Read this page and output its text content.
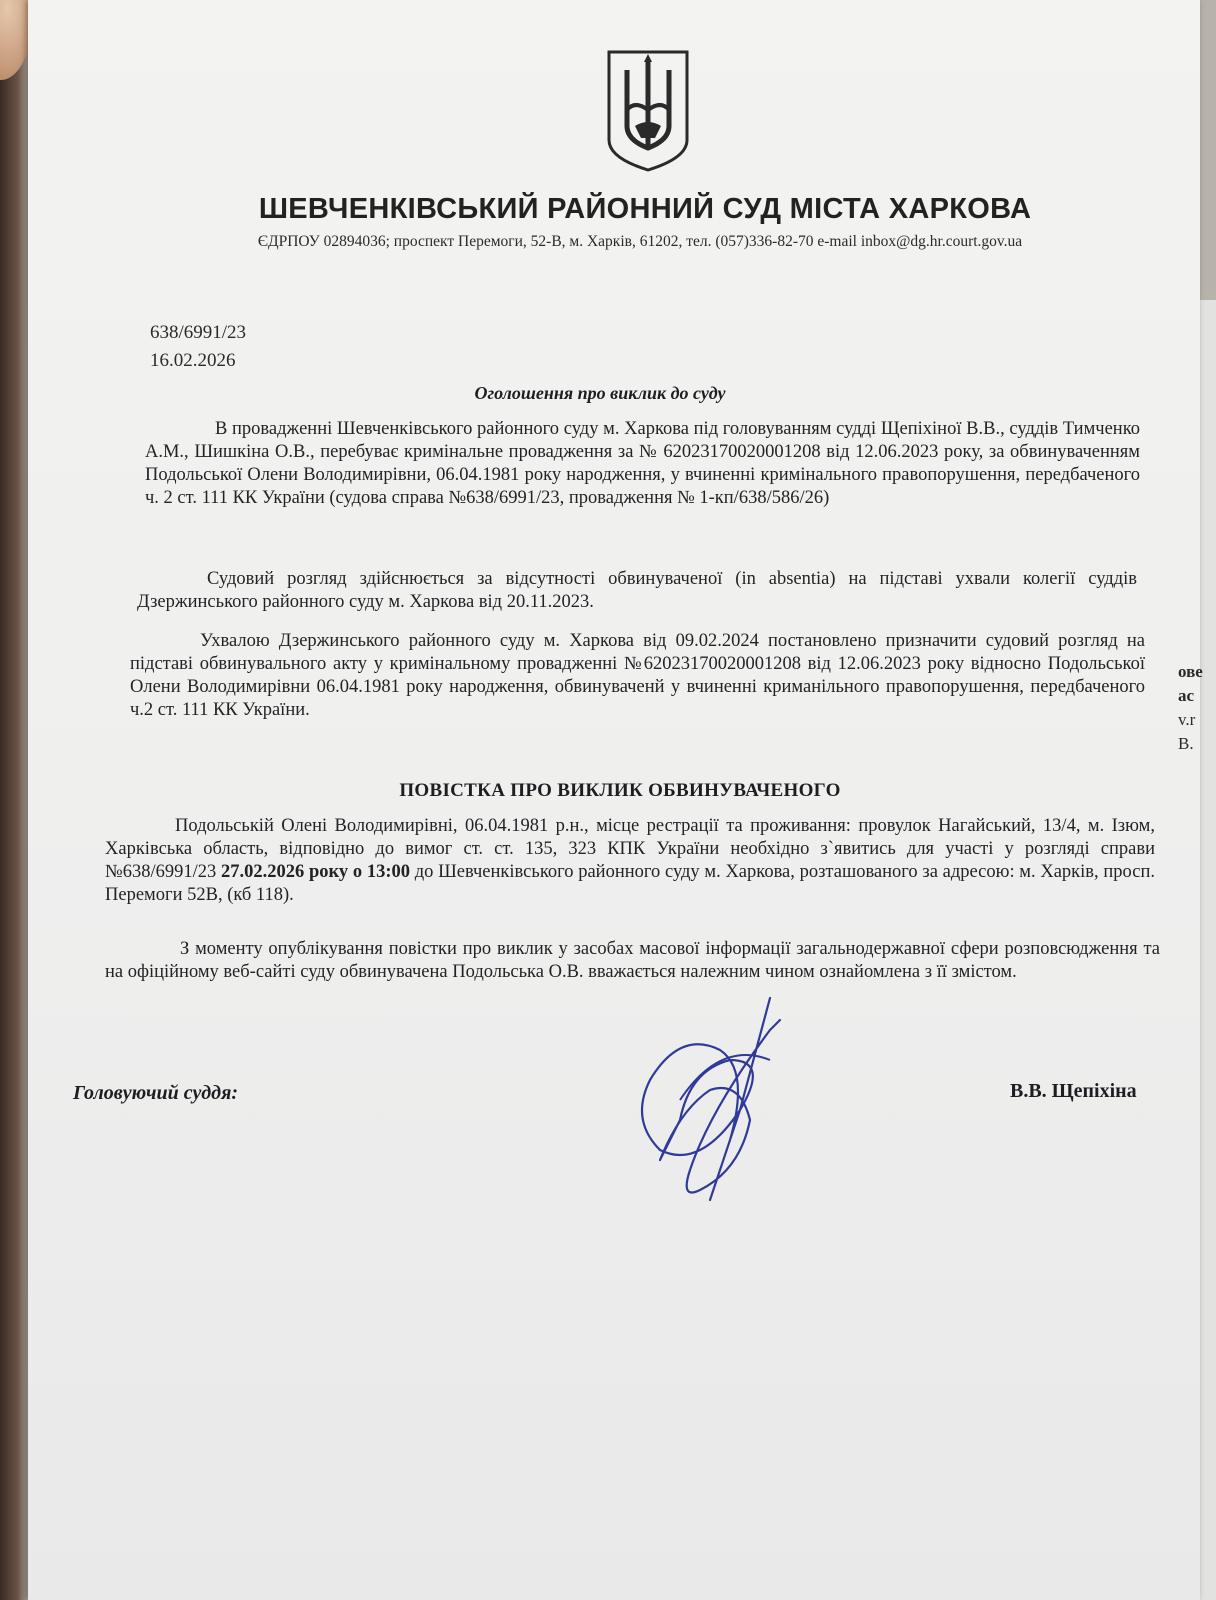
ШЕВЧЕНКІВСЬКИЙ РАЙОННИЙ СУД МІСТА ХАРКОВА
ЄДРПОУ 02894036; проспект Перемоги, 52-В, м. Харків, 61202, тел. (057)336-82-70 e-mail inbox@dg.hr.court.gov.ua
638/6991/23
16.02.2026
Оголошення про виклик до суду
В провадженні Шевченківського районного суду м. Харкова під головуванням судді Щепіхіної В.В., суддів Тимченко А.М., Шишкіна О.В., перебуває кримінальне провадження за № 62023170020001208 від 12.06.2023 року, за обвинуваченням Подольської Олени Володимирівни, 06.04.1981 року народження, у вчиненні кримінального правопорушення, передбаченого ч. 2 ст. 111 КК України (судова справа №638/6991/23, провадження № 1-кп/638/586/26)
Судовий розгляд здійснюється за відсутності обвинуваченої (in absentia) на підставі ухвали колегії суддів Дзержинського районного суду м. Харкова від 20.11.2023.
Ухвалою Дзержинського районного суду м. Харкова від 09.02.2024 постановлено призначити судовий розгляд на підставі обвинувального акту у кримінальному провадженні №62023170020001208 від 12.06.2023 року відносно Подольської Олени Володимирівни 06.04.1981 року народження, обвинуваченй у вчиненні криманільного правопорушення, передбаченого ч.2 ст. 111 КК України.
ПОВІСТКА ПРО ВИКЛИК ОБВИНУВАЧЕНОГО
Подольській Олені Володимирівні, 06.04.1981 р.н., місце рестрації та проживання: провулок Нагайський, 13/4, м. Ізюм, Харківська область, відповідно до вимог ст. ст. 135, 323 КПК України необхідно з`явитись для участі у розгляді справи №638/6991/23 27.02.2026 року о 13:00 до Шевченківського районного суду м. Харкова, розташованого за адресою: м. Харків, просп. Перемоги 52В, (кб 118).
З моменту опублікування повістки про виклик у засобах масової інформації загальнодержавної сфери розповсюдження та на офіційному веб-сайті суду обвинувачена Подольська О.В. вважається належним чином ознайомлена з її змістом.
Головуючий суддя:	В.В. Щепіхіна
ове
ас
v.r
В.
